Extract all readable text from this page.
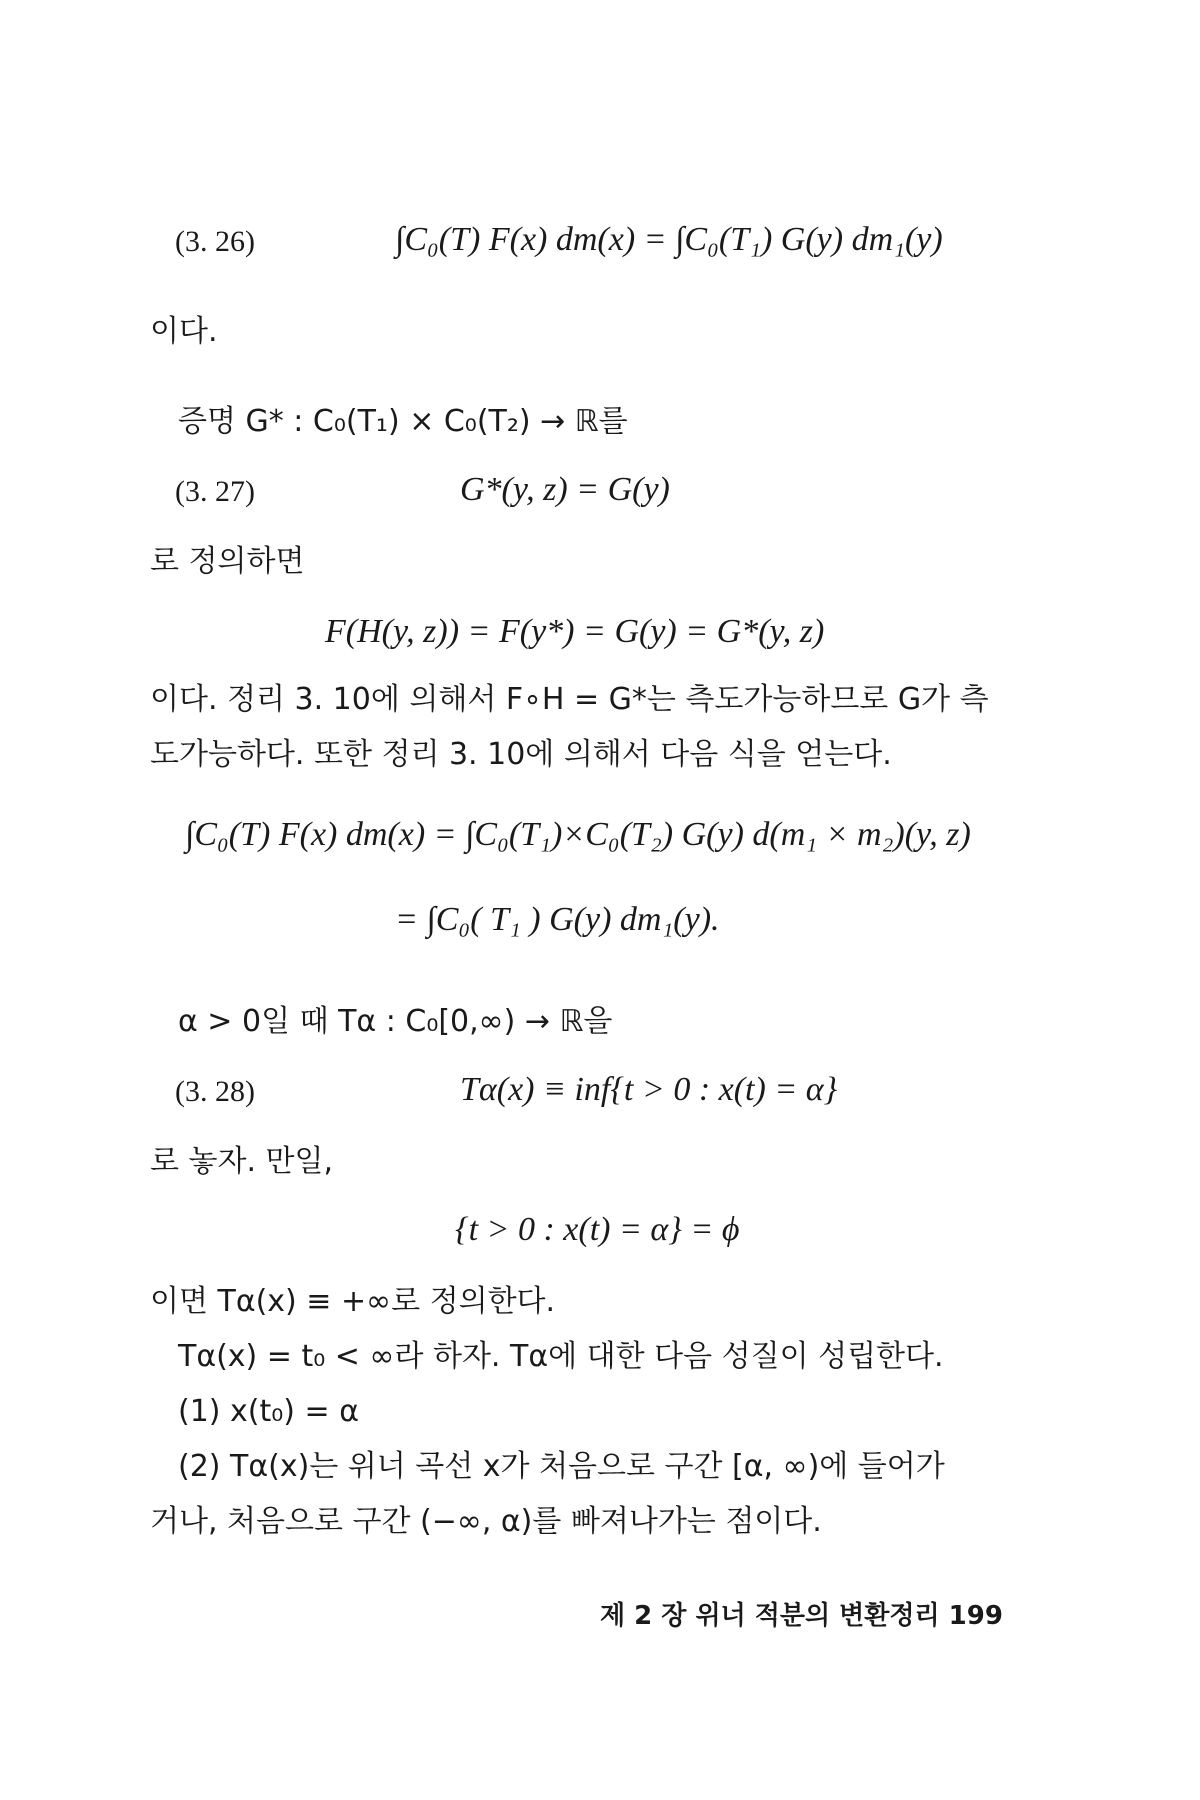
(3. 26)	∫C₀(T) F(x) dm(x) = ∫C₀(T₁) G(y) dm₁(y)
이다.
증명 G* : C₀(T₁) × C₀(T₂) → ℝ를
(3. 27)	G*(y, z) = G(y)
로 정의하면
F(H(y, z)) = F(y*) = G(y) = G*(y, z)
이다. 정리 3. 10에 의해서 F∘H = G*는 측도가능하므로 G가 측
도가능하다. 또한 정리 3. 10에 의해서 다음 식을 얻는다.
∫C₀(T) F(x) dm(x) = ∫C₀(T₁)×C₀(T₂) G(y) d(m₁ × m₂)(y, z)
= ∫C₀( T₁ ) G(y) dm₁(y).
α > 0일 때 Tα : C₀[0,∞) → ℝ을
(3. 28)	Tα(x) ≡ inf{t > 0 : x(t) = α}
로 놓자. 만일,
{t > 0 : x(t) = α} = ϕ
이면 Tα(x) ≡ +∞로 정의한다.
Tα(x) = t₀ < ∞라 하자. Tα에 대한 다음 성질이 성립한다.
(1) x(t₀) = α
(2) Tα(x)는 위너 곡선 x가 처음으로 구간 [α, ∞)에 들어가
거나, 처음으로 구간 (−∞, α)를 빠져나가는 점이다.
제 2 장 위너 적분의 변환정리 199
